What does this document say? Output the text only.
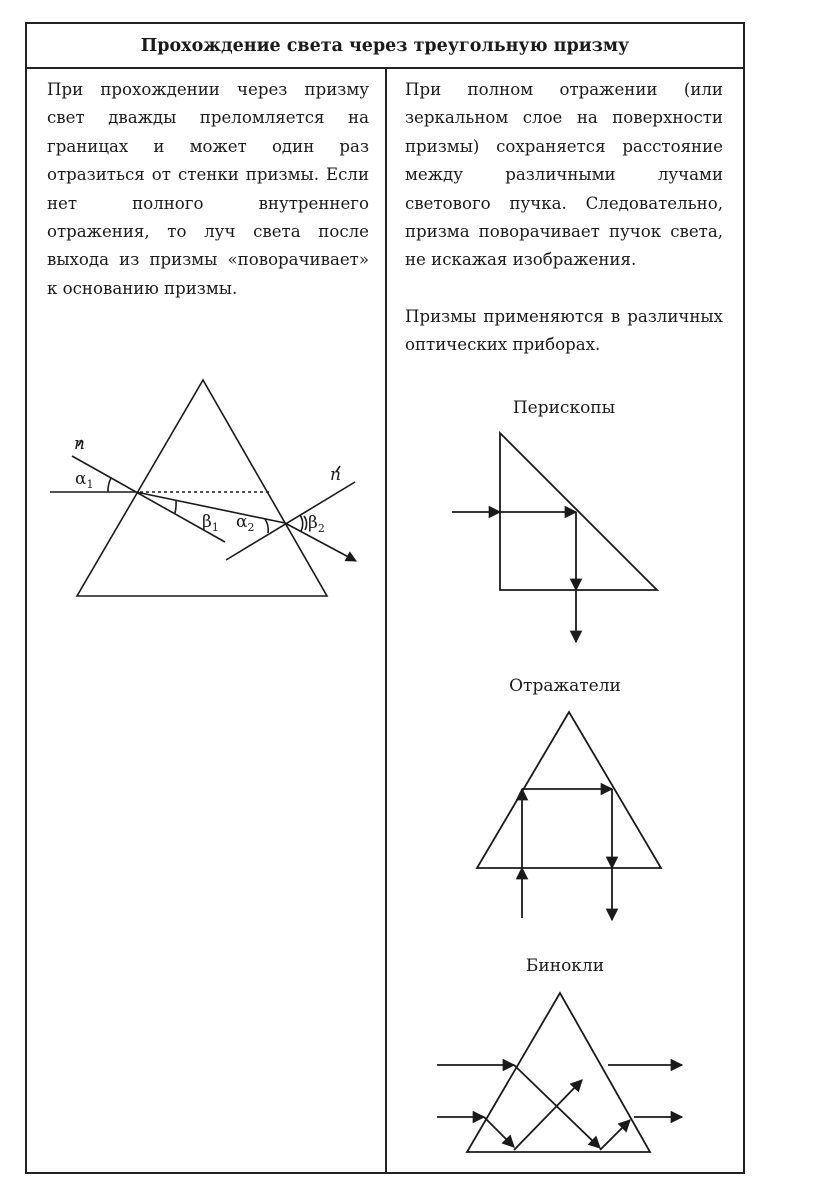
Прохождение света через треугольную призму

При прохождении через призму свет дважды преломляется на границах и может один раз отразиться от стенки призмы. Если нет полного внутреннего отражения, то луч света после выхода из призмы «поворачивает» к основанию призмы.

При полном отражении (или зеркальном слое на поверхности призмы) сохраняется расстояние между различными лучами светового пучка. Следовательно, призма поворачивает пучок света, не искажая изображения.

Призмы применяются в различных оптических приборах.

Перископы
Отражатели
Бинокли
n
n
$\alpha_1$
$\beta_1$ $\alpha_2$	$\beta_2$
